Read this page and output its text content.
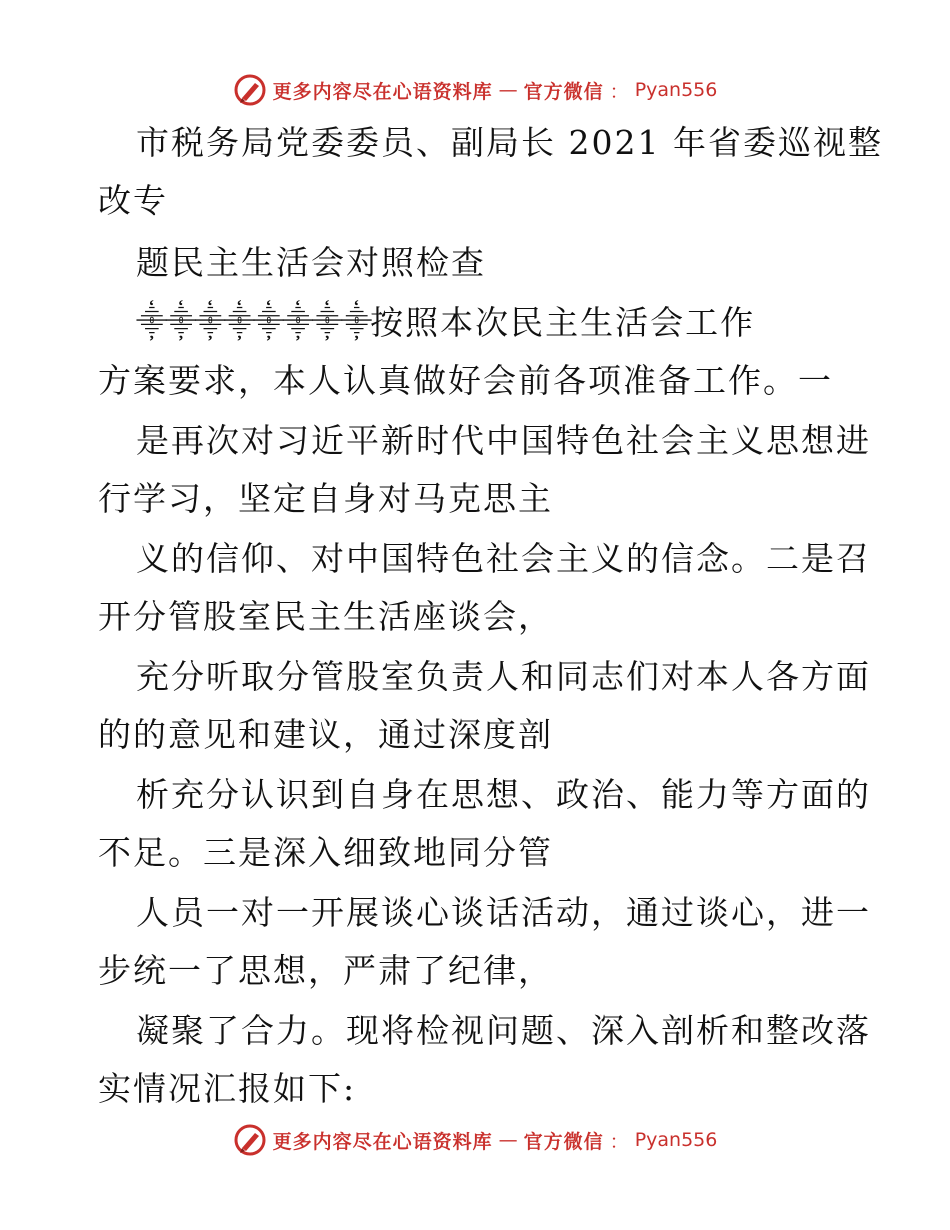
更多内容尽在心语资料库 — 官方微信 ： Pyan556
市税务局党委委员、副局长 2021 年省委巡视整
改专
题民主生活会对照检查
⸎⸎⸎⸎⸎⸎⸎⸎按照本次民主生活会工作
方案要求，本人认真做好会前各项准备工作。一
是再次对习近平新时代中国特色社会主义思想进
行学习，坚定自身对马克思主
义的信仰、对中国特色社会主义的信念。二是召
开分管股室民主生活座谈会，
充分听取分管股室负责人和同志们对本人各方面
的的意见和建议，通过深度剖
析充分认识到自身在思想、政治、能力等方面的
不足。三是深入细致地同分管
人员一对一开展谈心谈话活动，通过谈心，进一
步统一了思想，严肃了纪律，
凝聚了合力。现将检视问题、深入剖析和整改落
实情况汇报如下:
更多内容尽在心语资料库 — 官方微信 ： Pyan556
